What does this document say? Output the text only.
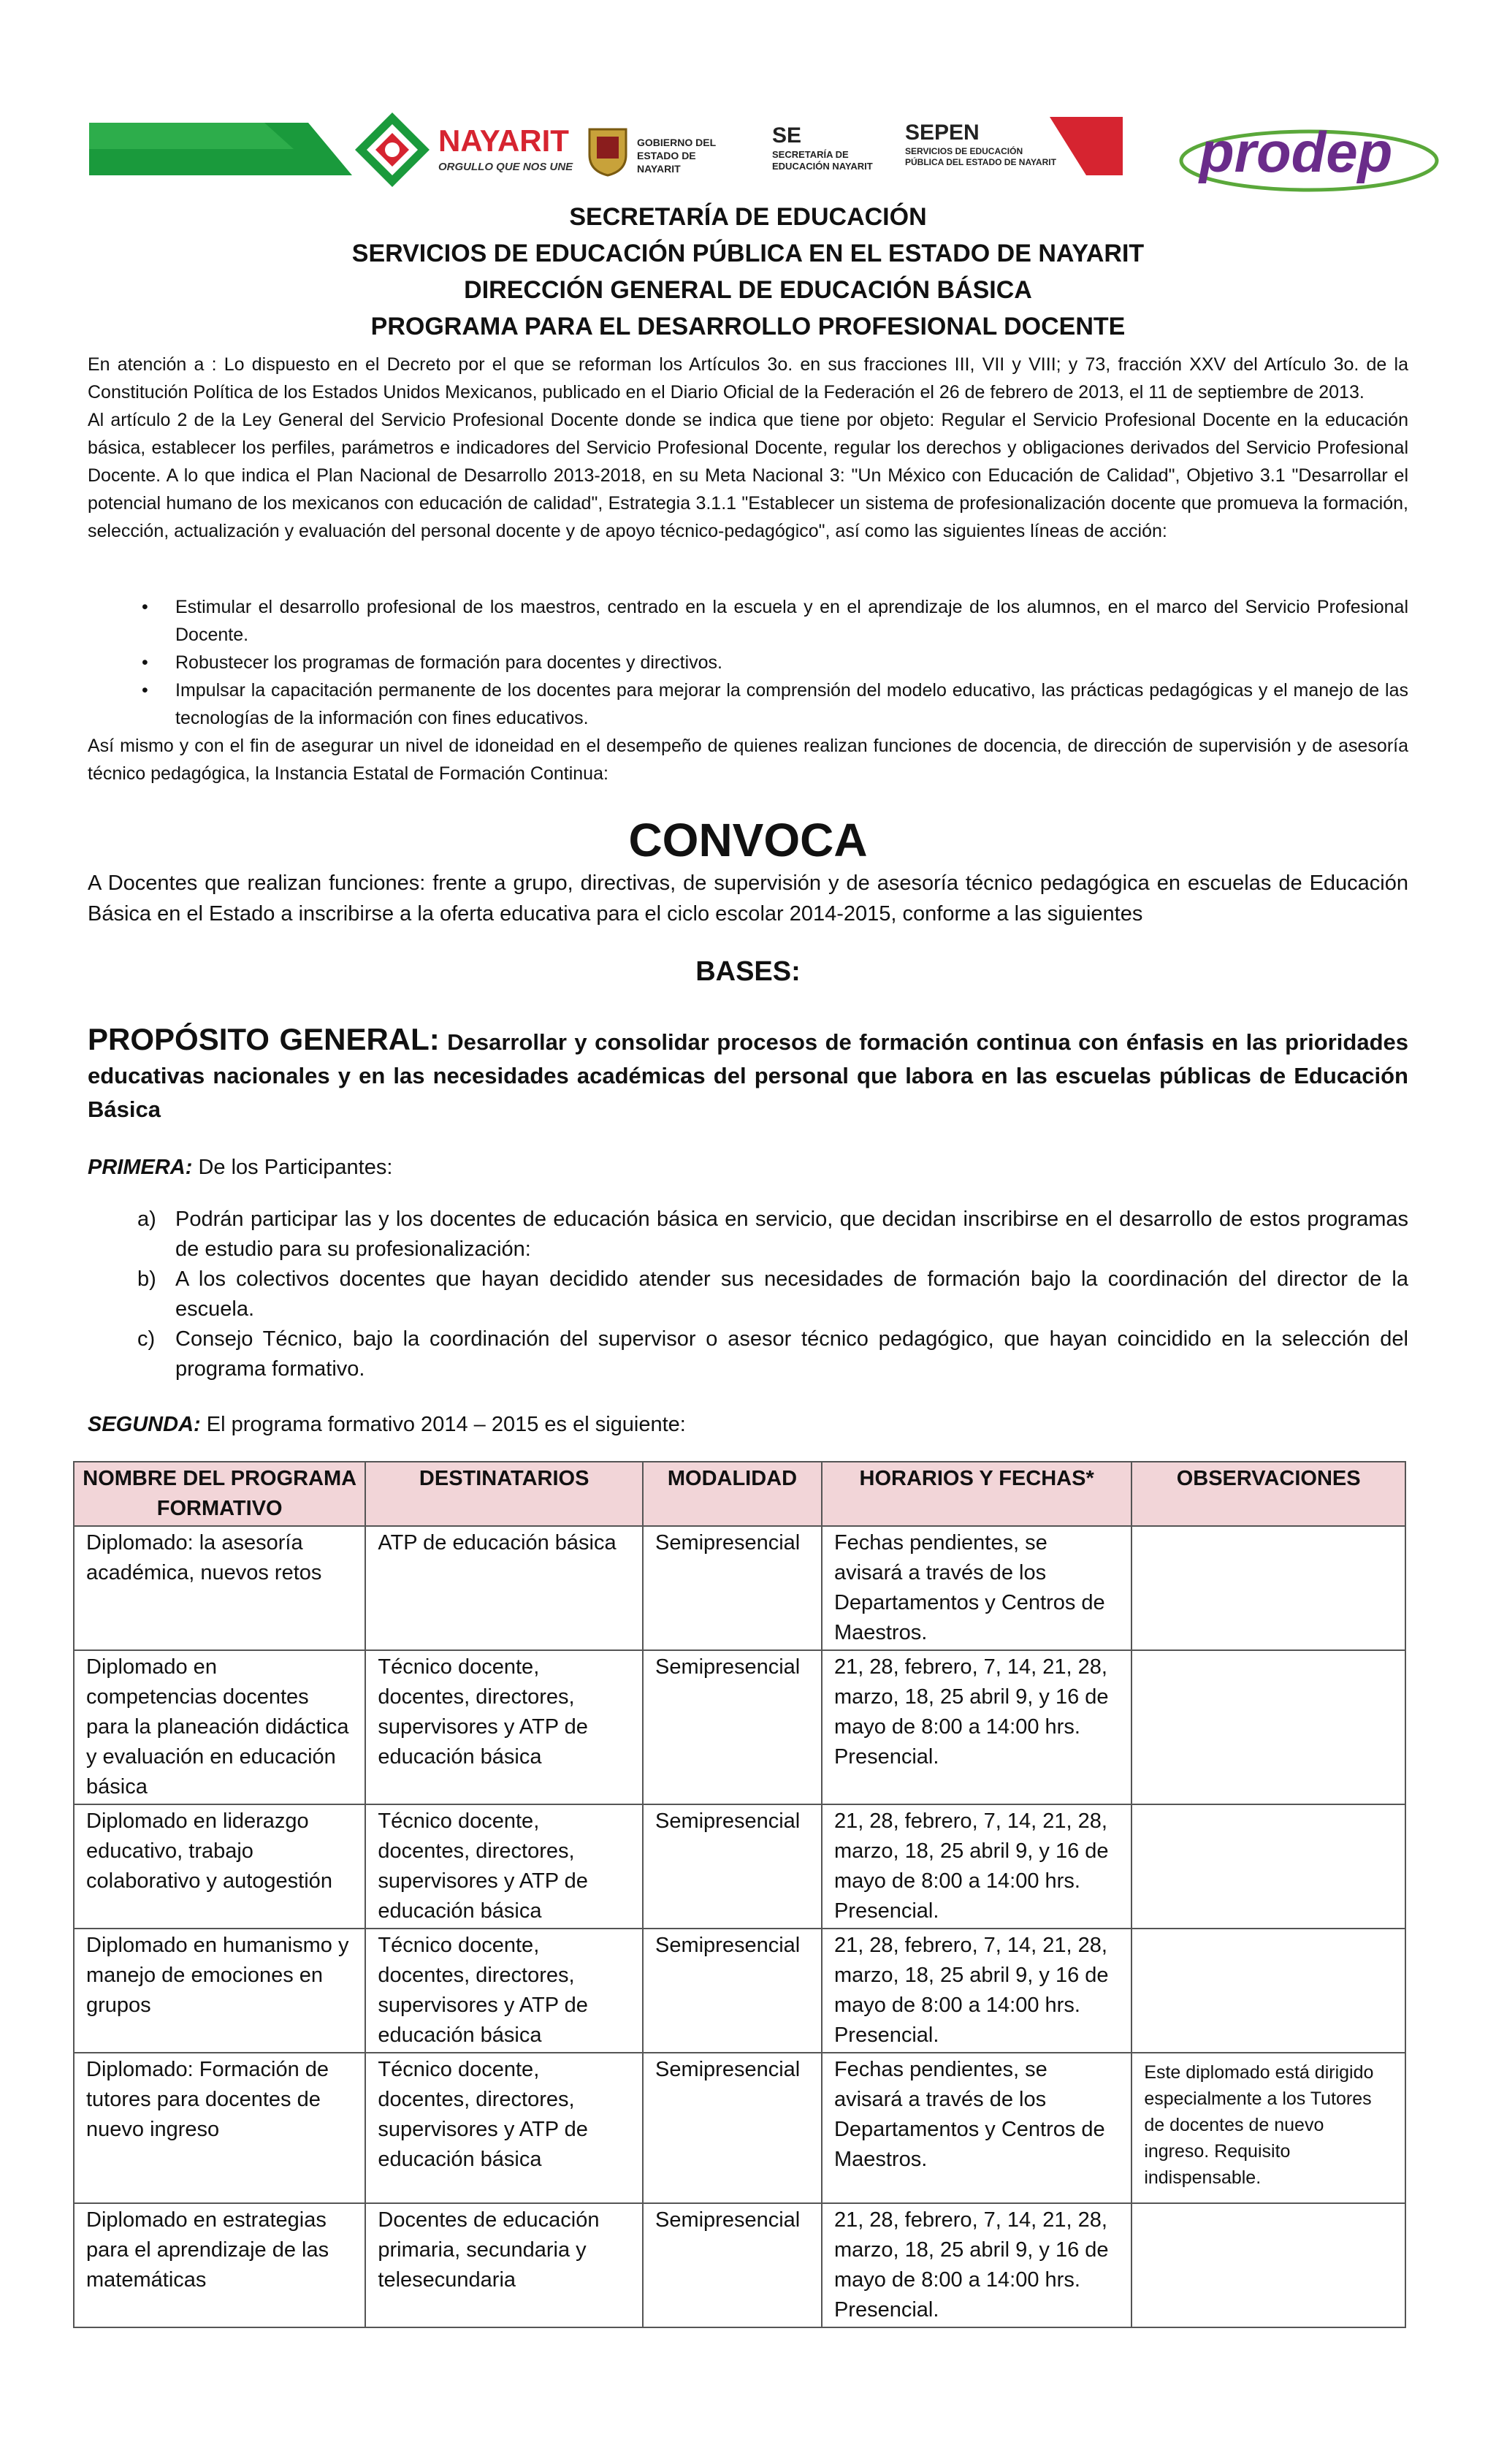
NAYARIT
ORGULLO QUE NOS UNE
GOBIERNO DEL ESTADO DE NAYARIT
SE
SECRETARÍA DE EDUCACIÓN NAYARIT
SEPEN
SERVICIOS DE EDUCACIÓN PÚBLICA DEL ESTADO DE NAYARIT	prodep
SECRETARÍA DE EDUCACIÓN
SERVICIOS DE EDUCACIÓN PÚBLICA EN EL ESTADO DE NAYARIT
DIRECCIÓN GENERAL DE EDUCACIÓN BÁSICA
PROGRAMA PARA EL DESARROLLO PROFESIONAL DOCENTE

En atención a : Lo dispuesto en el Decreto por el que se reforman los Artículos 3o. en sus fracciones III, VII y VIII; y 73, fracción XXV del Artículo 3o. de la Constitución Política de los Estados Unidos Mexicanos, publicado en el Diario Oficial de la Federación el 26 de febrero de 2013, el 11 de septiembre de 2013.

Al artículo 2 de la Ley General del Servicio Profesional Docente donde se indica que tiene por objeto: Regular el Servicio Profesional Docente en la educación básica, establecer los perfiles, parámetros e indicadores del Servicio Profesional Docente, regular los derechos y obligaciones derivados del Servicio Profesional Docente. A lo que indica el Plan Nacional de Desarrollo 2013-2018, en su Meta Nacional 3: "Un México con Educación de Calidad", Objetivo 3.1 "Desarrollar el potencial humano de los mexicanos con educación de calidad", Estrategia 3.1.1 "Establecer un sistema de profesionalización docente que promueva la formación, selección, actualización y evaluación del personal docente y de apoyo técnico-pedagógico", así como las siguientes líneas de acción:

• Estimular el desarrollo profesional de los maestros, centrado en la escuela y en el aprendizaje de los alumnos, en el marco del Servicio Profesional Docente.
• Robustecer los programas de formación para docentes y directivos.
• Impulsar la capacitación permanente de los docentes para mejorar la comprensión del modelo educativo, las prácticas pedagógicas y el manejo de las tecnologías de la información con fines educativos.
Así mismo y con el fin de asegurar un nivel de idoneidad en el desempeño de quienes realizan funciones de docencia, de dirección de supervisión y de asesoría técnico pedagógica, la Instancia Estatal de Formación Continua:
CONVOCA
A Docentes que realizan funciones: frente a grupo, directivas, de supervisión y de asesoría técnico pedagógica en escuelas de Educación Básica en el Estado a inscribirse a la oferta educativa para el ciclo escolar 2014-2015, conforme a las siguientes
BASES:
PROPÓSITO GENERAL: Desarrollar y consolidar procesos de formación continua con énfasis en las prioridades educativas nacionales y en las necesidades académicas del personal que labora en las escuelas públicas de Educación Básica
PRIMERA: De los Participantes:
a) Podrán participar las y los docentes de educación básica en servicio, que decidan inscribirse en el desarrollo de estos programas de estudio para su profesionalización:
b) A los colectivos docentes que hayan decidido atender sus necesidades de formación bajo la coordinación del director de la escuela.
c) Consejo Técnico, bajo la coordinación del supervisor o asesor técnico pedagógico, que hayan coincidido en la selección del programa formativo.
SEGUNDA: El programa formativo 2014 – 2015 es el siguiente:
NOMBRE DEL PROGRAMA FORMATIVO	DESTINATARIOS	MODALIDAD	HORARIOS Y FECHAS*	OBSERVACIONES
Diplomado: la asesoría académica, nuevos retos	ATP de educación básica	Semipresencial	Fechas pendientes, se avisará a través de los Departamentos y Centros de Maestros.	
Diplomado en competencias docentes para la planeación didáctica y evaluación en educación básica	Técnico docente, docentes, directores, supervisores y ATP de educación básica	Semipresencial	21, 28, febrero, 7, 14, 21, 28, marzo, 18, 25 abril 9, y 16 de mayo de 8:00 a 14:00 hrs. Presencial.	
Diplomado en liderazgo educativo, trabajo colaborativo y autogestión	Técnico docente, docentes, directores, supervisores y ATP de educación básica	Semipresencial	21, 28, febrero, 7, 14, 21, 28, marzo, 18, 25 abril 9, y 16 de mayo de 8:00 a 14:00 hrs. Presencial.	
Diplomado en humanismo y manejo de emociones en grupos	Técnico docente, docentes, directores, supervisores y ATP de educación básica	Semipresencial	21, 28, febrero, 7, 14, 21, 28, marzo, 18, 25 abril 9, y 16 de mayo de 8:00 a 14:00 hrs. Presencial.	
Diplomado: Formación de tutores para docentes de nuevo ingreso	Técnico docente, docentes, directores, supervisores y ATP de educación básica	Semipresencial	Fechas pendientes, se avisará a través de los Departamentos y Centros de Maestros.	Este diplomado está dirigido especialmente a los Tutores de docentes de nuevo ingreso. Requisito indispensable.
Diplomado en estrategias para el aprendizaje de las matemáticas	Docentes de educación primaria, secundaria y telesecundaria	Semipresencial	21, 28, febrero, 7, 14, 21, 28, marzo, 18, 25 abril 9, y 16 de mayo de 8:00 a 14:00 hrs. Presencial.	
